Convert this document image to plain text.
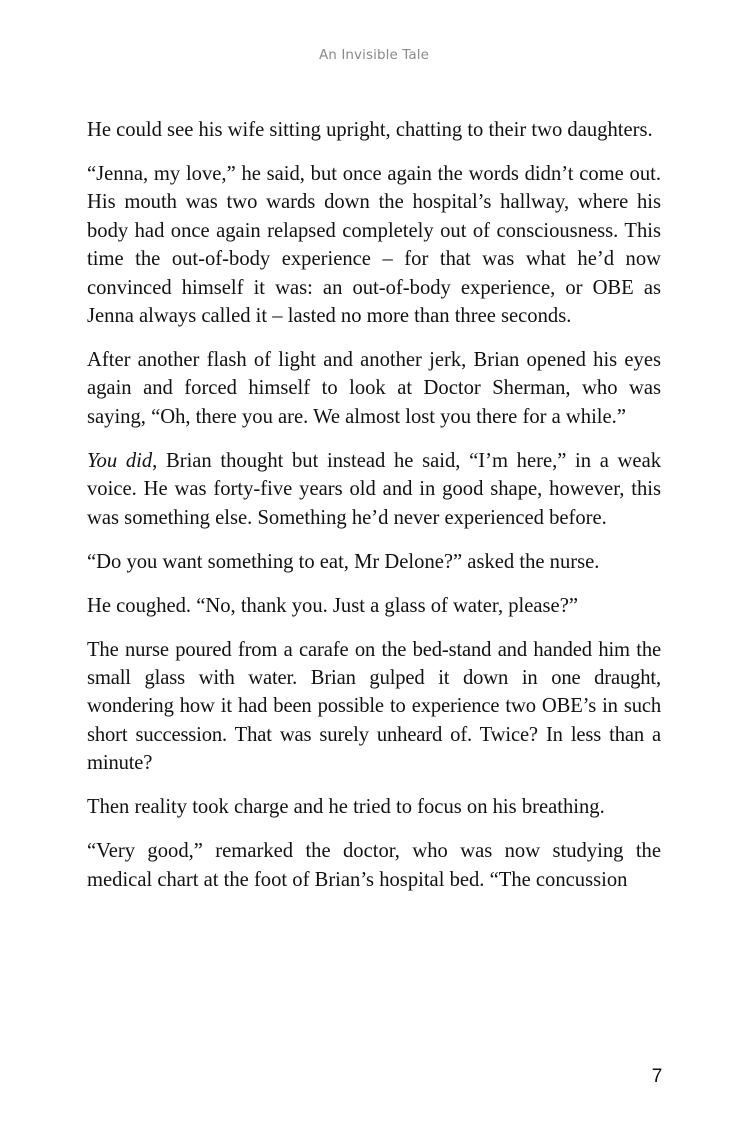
An Invisible Tale

He could see his wife sitting upright, chatting to their two daughters.

“Jenna, my love,” he said, but once again the words didn’t come out. His mouth was two wards down the hospital’s hallway, where his body had once again relapsed completely out of consciousness. This time the out-of-body experience – for that was what he’d now convinced himself it was: an out-of-body experience, or OBE as Jenna always called it – lasted no more than three seconds.

After another flash of light and another jerk, Brian opened his eyes again and forced himself to look at Doctor Sherman, who was saying, “Oh, there you are. We almost lost you there for a while.”

You did, Brian thought but instead he said, “I’m here,” in a weak voice. He was forty-five years old and in good shape, however, this was something else. Something he’d never experienced before.

“Do you want something to eat, Mr Delone?” asked the nurse.

He coughed. “No, thank you. Just a glass of water, please?”

The nurse poured from a carafe on the bed-stand and handed him the small glass with water. Brian gulped it down in one draught, wondering how it had been possible to experience two OBE’s in such short succession. That was surely unheard of. Twice? In less than a minute?

Then reality took charge and he tried to focus on his breathing.

“Very good,” remarked the doctor, who was now studying the medical chart at the foot of Brian’s hospital bed. “The concussion

7
